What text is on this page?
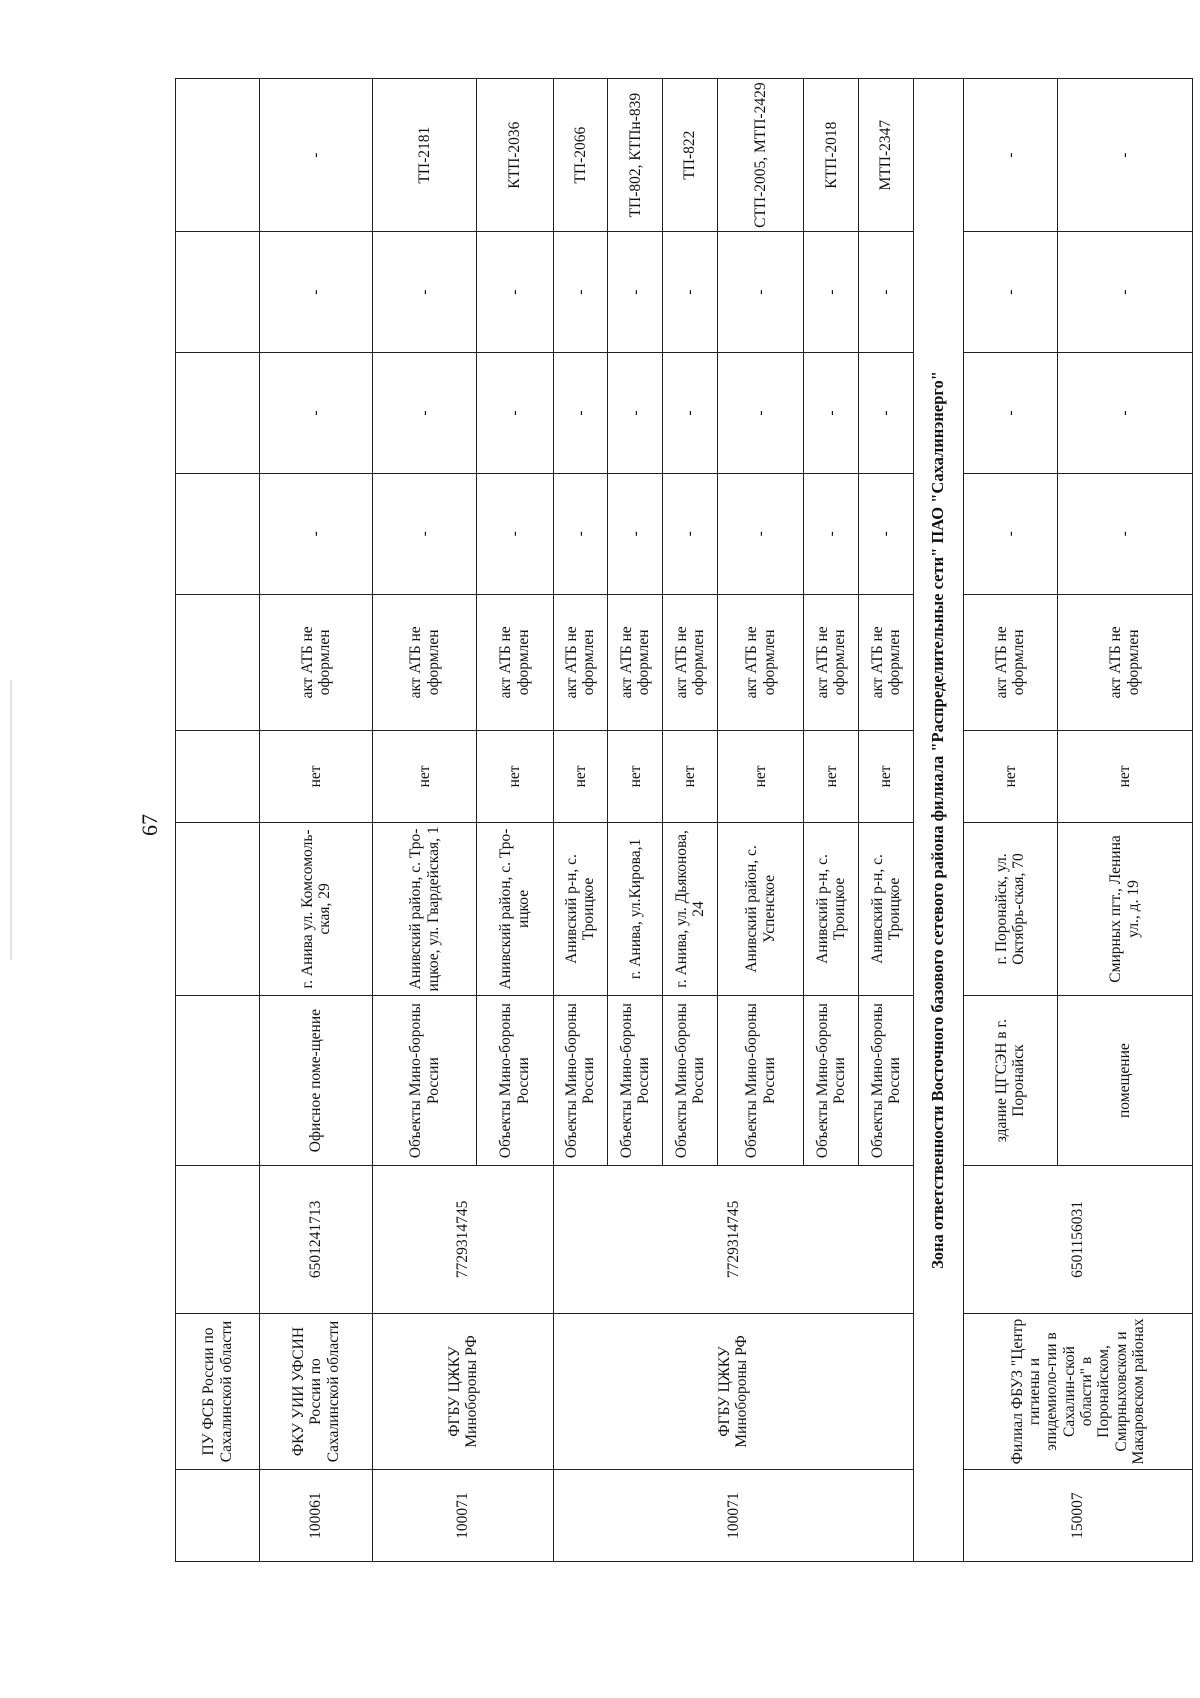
67
	ПУ ФСБ России по Сахалинской области									
100061	ФКУ УИИ УФСИН России по Сахалинской области	6501241713	Офисное поме-щение	г. Анива ул. Комсомоль-ская, 29	нет	акт АТБ не оформлен	-	-	-	-
100071	ФГБУ ЦЖКУ Минобороны РФ	7729314745	Объекты Мино-бороны России	Анивский район, с. Тро-ицкое, ул. Гвардейская, 1	нет	акт АТБ не оформлен	-	-	-	ТП-2181
			Объекты Мино-бороны России	Анивский район, с. Тро-ицкое	нет	акт АТБ не оформлен	-	-	-	КТП-2036
100071	ФГБУ ЦЖКУ Минобороны РФ	7729314745	Объекты Мино-бороны России	Анивский р-н, с. Троицкое	нет	акт АТБ не оформлен	-	-	-	ТП-2066
			Объекты Мино-бороны России	г. Анива, ул.Кирова,1	нет	акт АТБ не оформлен	-	-	-	ТП-802, КТПн-839
			Объекты Мино-бороны России	г. Анива, ул. Дьяконова, 24	нет	акт АТБ не оформлен	-	-	-	ТП-822
			Объекты Мино-бороны России	Анивский район, с. Успенское	нет	акт АТБ не оформлен	-	-	-	СТП-2005, МТП-2429
			Объекты Мино-бороны России	Анивский р-н, с. Троицкое	нет	акт АТБ не оформлен	-	-	-	КТП-2018
			Объекты Мино-бороны России	Анивский р-н, с. Троицкое	нет	акт АТБ не оформлен	-	-	-	МТП-2347
Зона ответственности Восточного базового сетевого района филиала "Распределительные сети" ПАО "Сахалинэнерго"										
150007	Филиал ФБУЗ "Центр гигиены и эпидемиоло-гии в Сахалин-ской области" в Поронайском, Смирныховском и Макаровском районах	6501156031	здание ЦГСЭН в г. Поронайск	г. Поронайск, ул. Октябрь-ская, 70	нет	акт АТБ не оформлен	-	-	-	-
			помещение	Смирных пгт., Ленина ул., д. 19	нет	акт АТБ не оформлен	-	-	-	-
